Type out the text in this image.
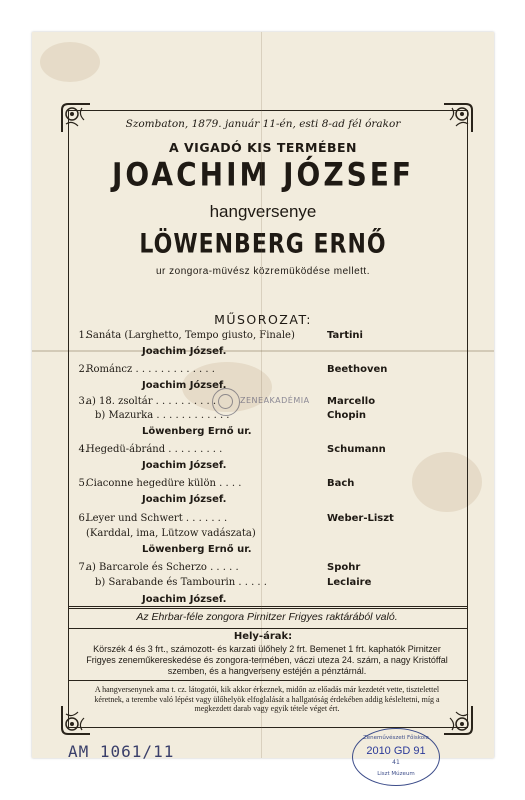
Szombaton, 1879. január 11-én, esti 8-ad fél órakor
A VIGADÓ KIS TERMÉBEN
JOACHIM JÓZSEF
hangversenye
LÖWENBERG ERNŐ
ur zongora-müvész közremüködése mellett.
MŰSOROZAT:
1.
Sanáta (Larghetto, Tempo giusto, Finale)	Tartini
Joachim József.
2.
Románcz . . . . . . . . . . . . .	Beethoven
Joachim József.
3.
a) 18. zsoltár . . . . . . . . . .	Marcello
b) Mazurka . . . . . . . . . . . .	Chopin
Löwenberg Ernő ur.
4.
Hegedü-ábránd . . . . . . . . .	Schumann
Joachim József.
5.
Ciaconne hegedüre külön . . . .	Bach
Joachim József.
6.
Leyer und Schwert . . . . . . .	Weber-Liszt
(Karddal, ima, Lützow vadászata)
Löwenberg Ernő ur.
7.
a) Barcarole és Scherzo . . . . .	Spohr
b) Sarabande és Tambourin . . . . .	Leclaire
ZENEAKADÉMIA
Joachim József.
Az Ehrbar-féle zongora Pirnitzer Frigyes raktárából való.
Hely-árak:
Körszék 4 és 3 frt., számozott- és karzati ülőhely 2 frt. Bemenet 1 frt. kaphatók Pirnitzer Frigyes zeneműkereskedése és zongora-termében, váczi uteza 24. szám, a nagy Kristóffal szemben, és a hangverseny estéjén a pénztárnál.
A hangversenynek ama t. cz. látogatói, kik akkor érkeznek, midőn az előadás már kezdetét vette, tisztelettel kéretnek, a terembe való lépést vagy ülőhelyök elfoglalását a hallgatóság érdekében addig késleltetni, míg a megkezdett darab vagy egyik tétele véget ért.
AM 1061/11
Zeneművészeti Főiskola
2010 GD 91
41
Liszt Múzeum
